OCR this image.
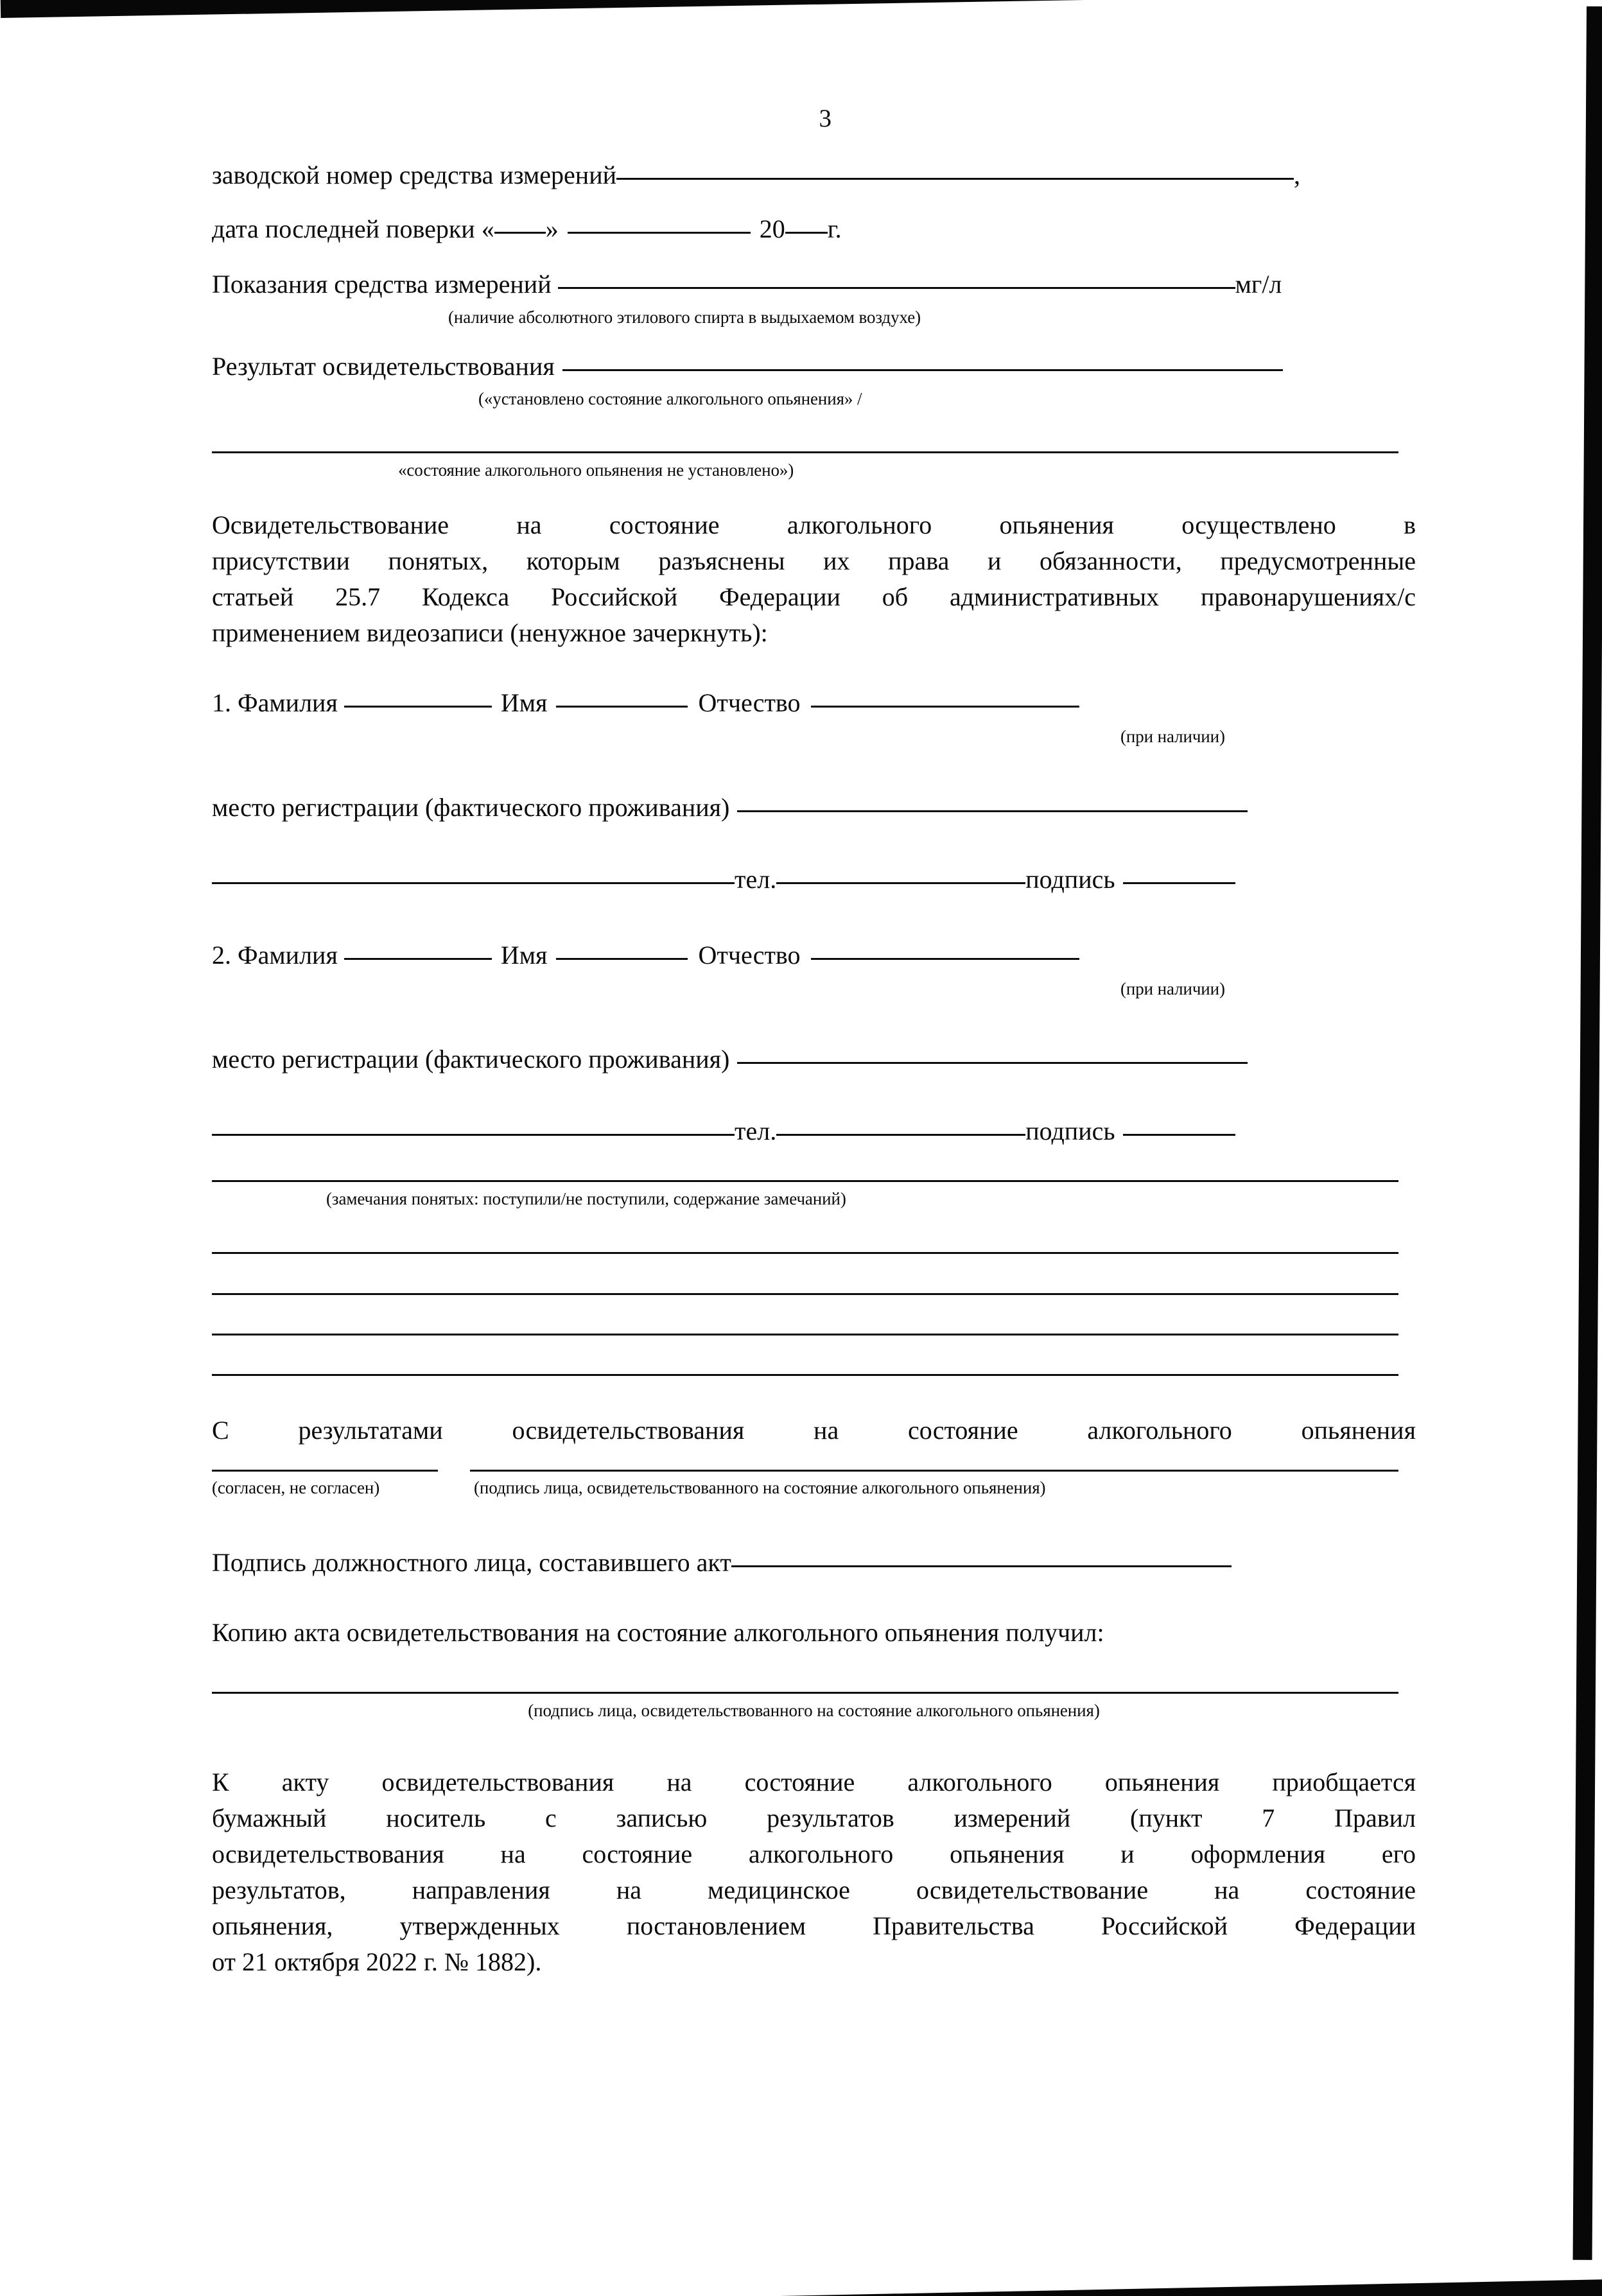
3
заводской номер средства измерений	,
дата последней поверки « »	20 г.
Показания средства измерений	мг/л
(наличие абсолютного этилового спирта в выдыхаемом воздухе)
Результат освидетельствования
(«установлено состояние алкогольного опьянения» /
«состояние алкогольного опьянения не установлено»)
Освидетельствование на состояние алкогольного опьянения осуществлено в
присутствии понятых, которым разъяснены их права и обязанности, предусмотренные
статьей 25.7 Кодекса Российской Федерации об административных правонарушениях/с
применением видеозаписи (ненужное зачеркнуть):
1. Фамилия	Имя	Отчество
(при наличии)
место регистрации (фактического проживания)
тел.	подпись
2. Фамилия	Имя	Отчество
(при наличии)
место регистрации (фактического проживания)
тел.	подпись
(замечания понятых: поступили/не поступили, содержание замечаний)
С результатами освидетельствования на состояние алкогольного опьянения
(согласен, не согласен)	(подпись лица, освидетельствованного на состояние алкогольного опьянения)
Подпись должностного лица, составившего акт
Копию акта освидетельствования на состояние алкогольного опьянения получил:
(подпись лица, освидетельствованного на состояние алкогольного опьянения)
К акту освидетельствования на состояние алкогольного опьянения приобщается
бумажный носитель с записью результатов измерений (пункт 7 Правил
освидетельствования на состояние алкогольного опьянения и оформления его
результатов, направления на медицинское освидетельствование на состояние
опьянения, утвержденных постановлением Правительства Российской Федерации
от 21 октября 2022 г. № 1882).
